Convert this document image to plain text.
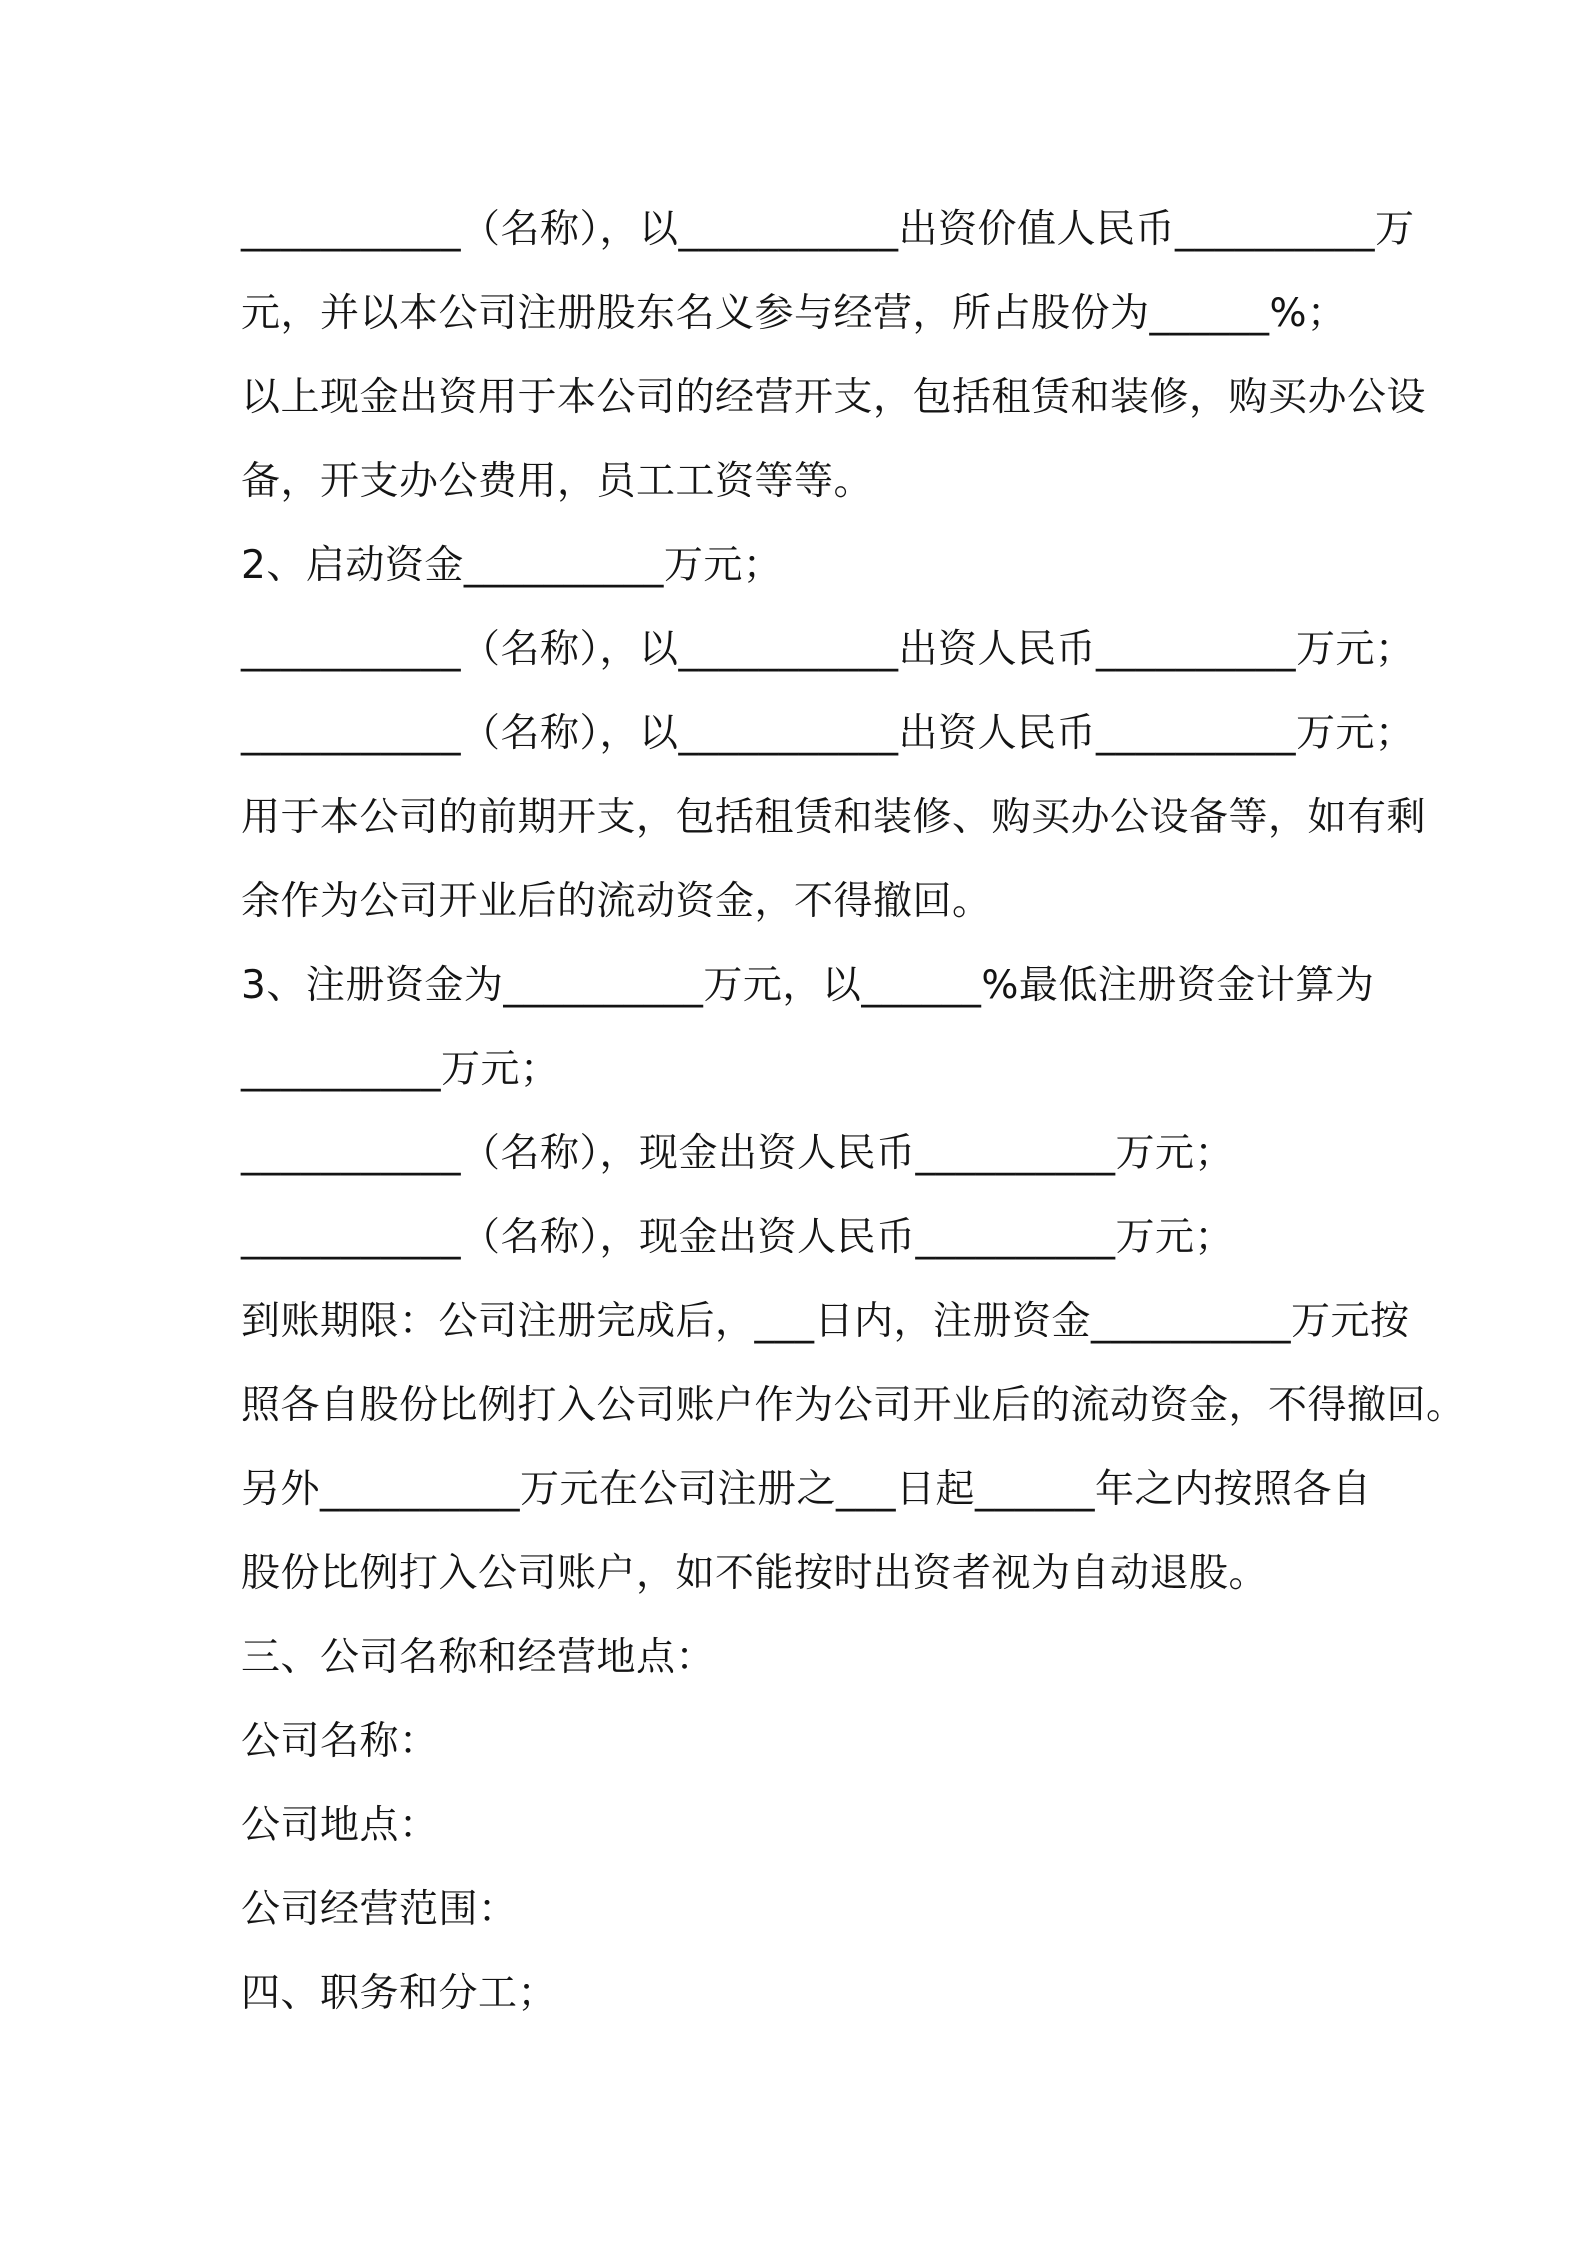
___________（名称），以___________出资价值人民币__________万
元，并以本公司注册股东名义参与经营，所占股份为______%；
以上现金出资用于本公司的经营开支，包括租赁和装修，购买办公设
备，开支办公费用，员工工资等等。
2、启动资金__________万元；
___________（名称），以___________出资人民币__________万元；
___________（名称），以___________出资人民币__________万元；
用于本公司的前期开支，包括租赁和装修、购买办公设备等，如有剩
余作为公司开业后的流动资金，不得撤回。
3、注册资金为__________万元，以______%最低注册资金计算为
__________万元；
___________（名称），现金出资人民币__________万元；
___________（名称），现金出资人民币__________万元；
到账期限：公司注册完成后，___日内，注册资金__________万元按
照各自股份比例打入公司账户作为公司开业后的流动资金，不得撤回。
另外__________万元在公司注册之___日起______年之内按照各自
股份比例打入公司账户，如不能按时出资者视为自动退股。
三、公司名称和经营地点：
公司名称：
公司地点：
公司经营范围：
四、职务和分工；
